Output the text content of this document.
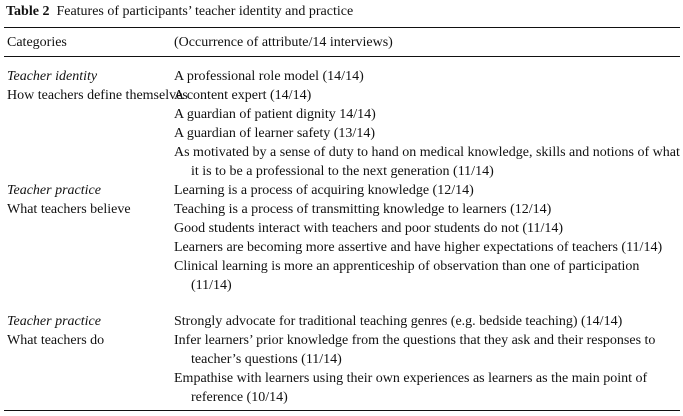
Table 2 Features of participants’ teacher identity and practice
Categories	(Occurrence of attribute/14 interviews)
Teacher identity
How teachers define themselves
A professional role model (14/14)
A content expert (14/14)
A guardian of patient dignity 14/14)
A guardian of learner safety (13/14)
As motivated by a sense of duty to hand on medical knowledge, skills and notions of what it is to be a professional to the next generation (11/14)
Teacher practice
What teachers believe
Learning is a process of acquiring knowledge (12/14)
Teaching is a process of transmitting knowledge to learners (12/14)
Good students interact with teachers and poor students do not (11/14)
Learners are becoming more assertive and have higher expectations of teachers (11/14)
Clinical learning is more an apprenticeship of observation than one of participation (11/14)
Teacher practice
What teachers do
Strongly advocate for traditional teaching genres (e.g. bedside teaching) (14/14)
Infer learners’ prior knowledge from the questions that they ask and their responses to teacher’s questions (11/14)
Empathise with learners using their own experiences as learners as the main point of reference (10/14)
